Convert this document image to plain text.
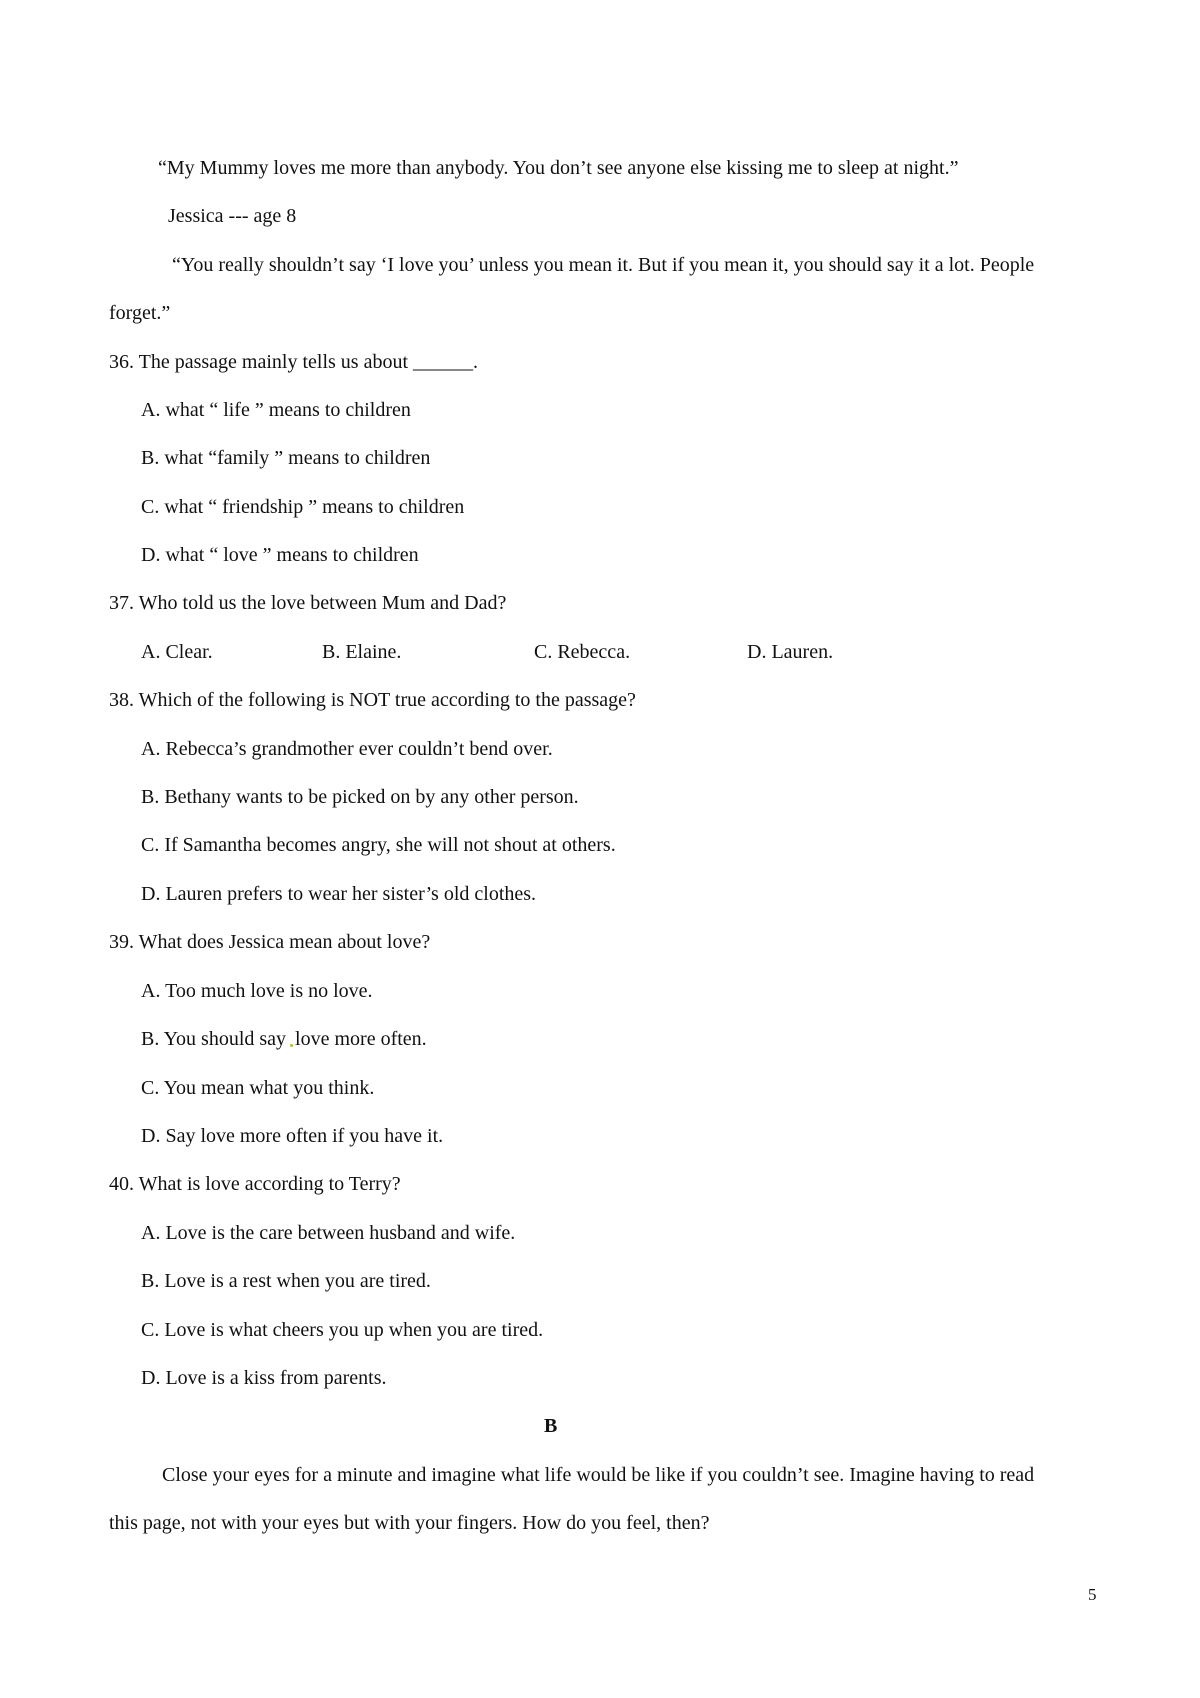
“My Mummy loves me more than anybody. You don’t see anyone else kissing me to sleep at night.”
Jessica --- age 8
“You really shouldn’t say ‘I love you’ unless you mean it. But if you mean it, you should say it a lot. People
forget.”
36. The passage mainly tells us about ______.
A. what “ life ” means to children
B. what “family ” means to children
C. what “ friendship ” means to children
D. what “ love ” means to children
37. Who told us the love between Mum and Dad?
A. Clear.	B. Elaine.	C. Rebecca.	D. Lauren.
38. Which of the following is NOT true according to the passage?
A. Rebecca’s grandmother ever couldn’t bend over.
B. Bethany wants to be picked on by any other person.
C. If Samantha becomes angry, she will not shout at others.
D. Lauren prefers to wear her sister’s old clothes.
39. What does Jessica mean about love?
A. Too much love is no love.
B. You should say love more often.
C. You mean what you think.
D. Say love more often if you have it.
40. What is love according to Terry?
A. Love is the care between husband and wife.
B. Love is a rest when you are tired.
C. Love is what cheers you up when you are tired.
D. Love is a kiss from parents.
B
Close your eyes for a minute and imagine what life would be like if you couldn’t see. Imagine having to read
this page, not with your eyes but with your fingers. How do you feel, then?
5
